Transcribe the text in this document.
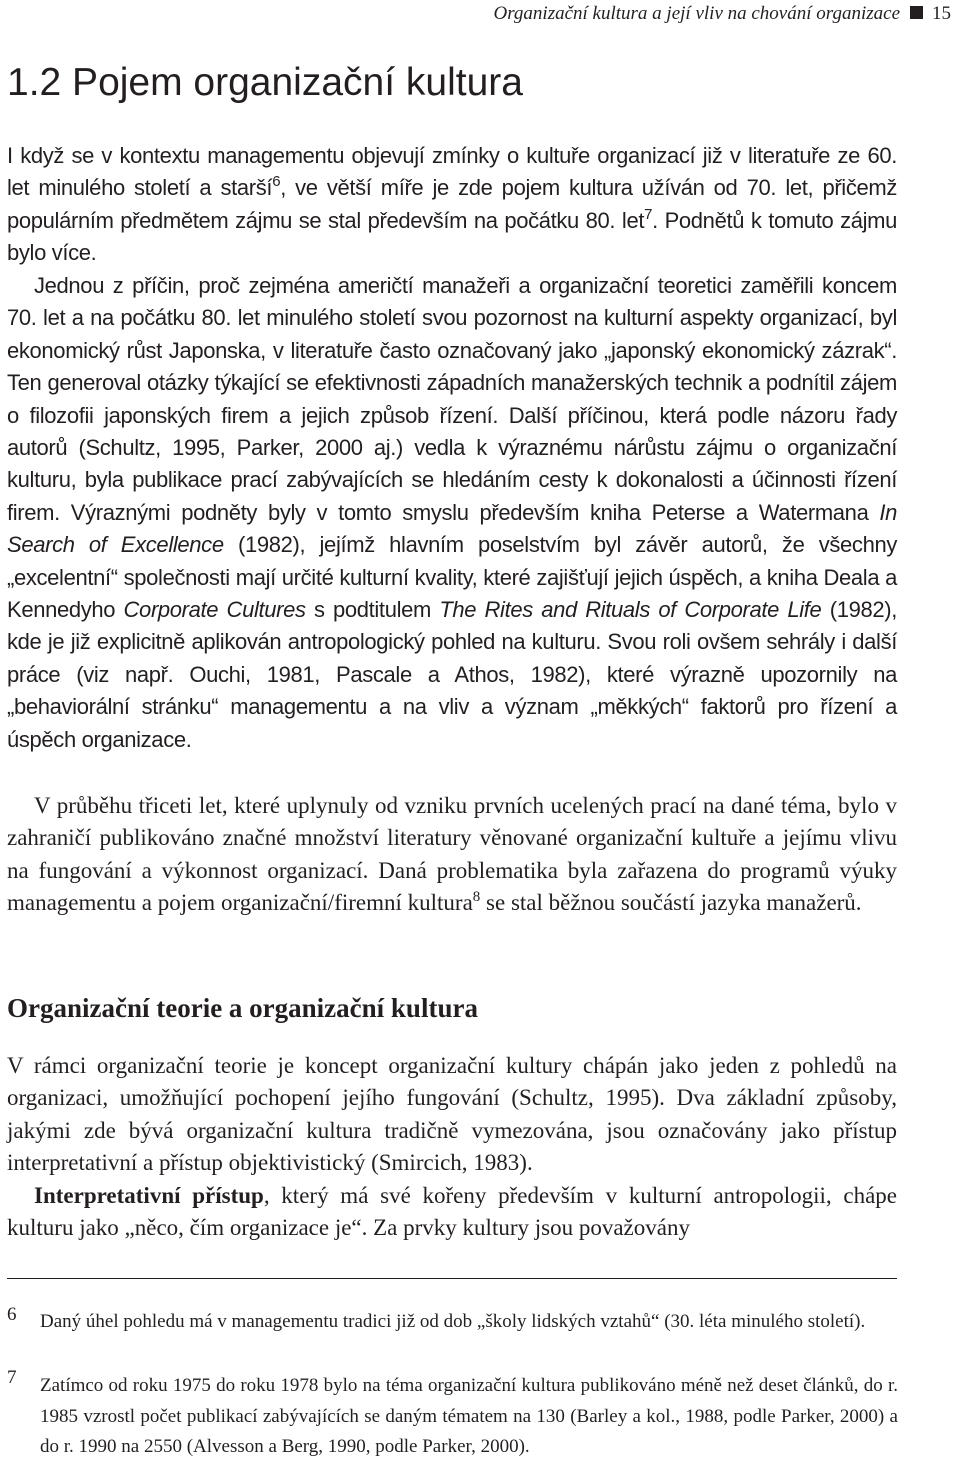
Organizační kultura a její vliv na chování organizace 15
1.2 Pojem organizační kultura
I když se v kontextu managementu objevují zmínky o kultuře organizací již v literatuře ze 60. let minulého století a starší$^6$, ve větší míře je zde pojem kultura užíván od 70. let, přičemž populárním předmětem zájmu se stal především na počátku 80. let$^7$. Podnětů k tomuto zájmu bylo více.
Jednou z příčin, proč zejména američtí manažeři a organizační teoretici zaměřili koncem 70. let a na počátku 80. let minulého století svou pozornost na kulturní aspekty organizací, byl ekonomický růst Japonska, v literatuře často označovaný jako „japonský ekonomický zázrak“. Ten generoval otázky týkající se efektivnosti západních manažerských technik a podnítil zájem o filozofii japonských firem a jejich způsob řízení. Další příčinou, která podle názoru řady autorů (Schultz, 1995, Parker, 2000 aj.) vedla k výraznému nárůstu zájmu o organizační kulturu, byla publikace prací zabývajících se hledáním cesty k dokonalosti a účinnosti řízení firem. Výraznými podněty byly v tomto smyslu především kniha Peterse a Watermana In Search of Excellence (1982), jejímž hlavním poselstvím byl závěr autorů, že všechny „excelentní“ společnosti mají určité kulturní kvality, které zajišťují jejich úspěch, a kniha Deala a Kennedyho Corporate Cultures s podtitulem The Rites and Rituals of Corporate Life (1982), kde je již explicitně aplikován antropologický pohled na kulturu. Svou roli ovšem sehrály i další práce (viz např. Ouchi, 1981, Pascale a Athos, 1982), které výrazně upozornily na „behaviorální stránku“ managementu a na vliv a význam „měkkých“ faktorů pro řízení a úspěch organizace.
V průběhu třiceti let, které uplynuly od vzniku prvních ucelených prací na dané téma, bylo v zahraničí publikováno značné množství literatury věnované organizační kultuře a jejímu vlivu na fungování a výkonnost organizací. Daná problematika byla zařazena do programů výuky managementu a pojem organizační/firemní kultura$^8$ se stal běžnou součástí jazyka manažerů.
Organizační teorie a organizační kultura
V rámci organizační teorie je koncept organizační kultury chápán jako jeden z pohledů na organizaci, umožňující pochopení jejího fungování (Schultz, 1995). Dva základní způsoby, jakými zde bývá organizační kultura tradičně vymezována, jsou označovány jako přístup interpretativní a přístup objektivistický (Smircich, 1983).
Interpretativní přístup, který má své kořeny především v kulturní antropologii, chápe kulturu jako „něco, čím organizace je“. Za prvky kultury jsou považovány
6 Daný úhel pohledu má v managementu tradici již od dob „školy lidských vztahů“ (30. léta minulého století).
7 Zatímco od roku 1975 do roku 1978 bylo na téma organizační kultura publikováno méně než deset článků, do r. 1985 vzrostl počet publikací zabývajících se daným tématem na 130 (Barley a kol., 1988, podle Parker, 2000) a do r. 1990 na 2550 (Alvesson a Berg, 1990, podle Parker, 2000).
